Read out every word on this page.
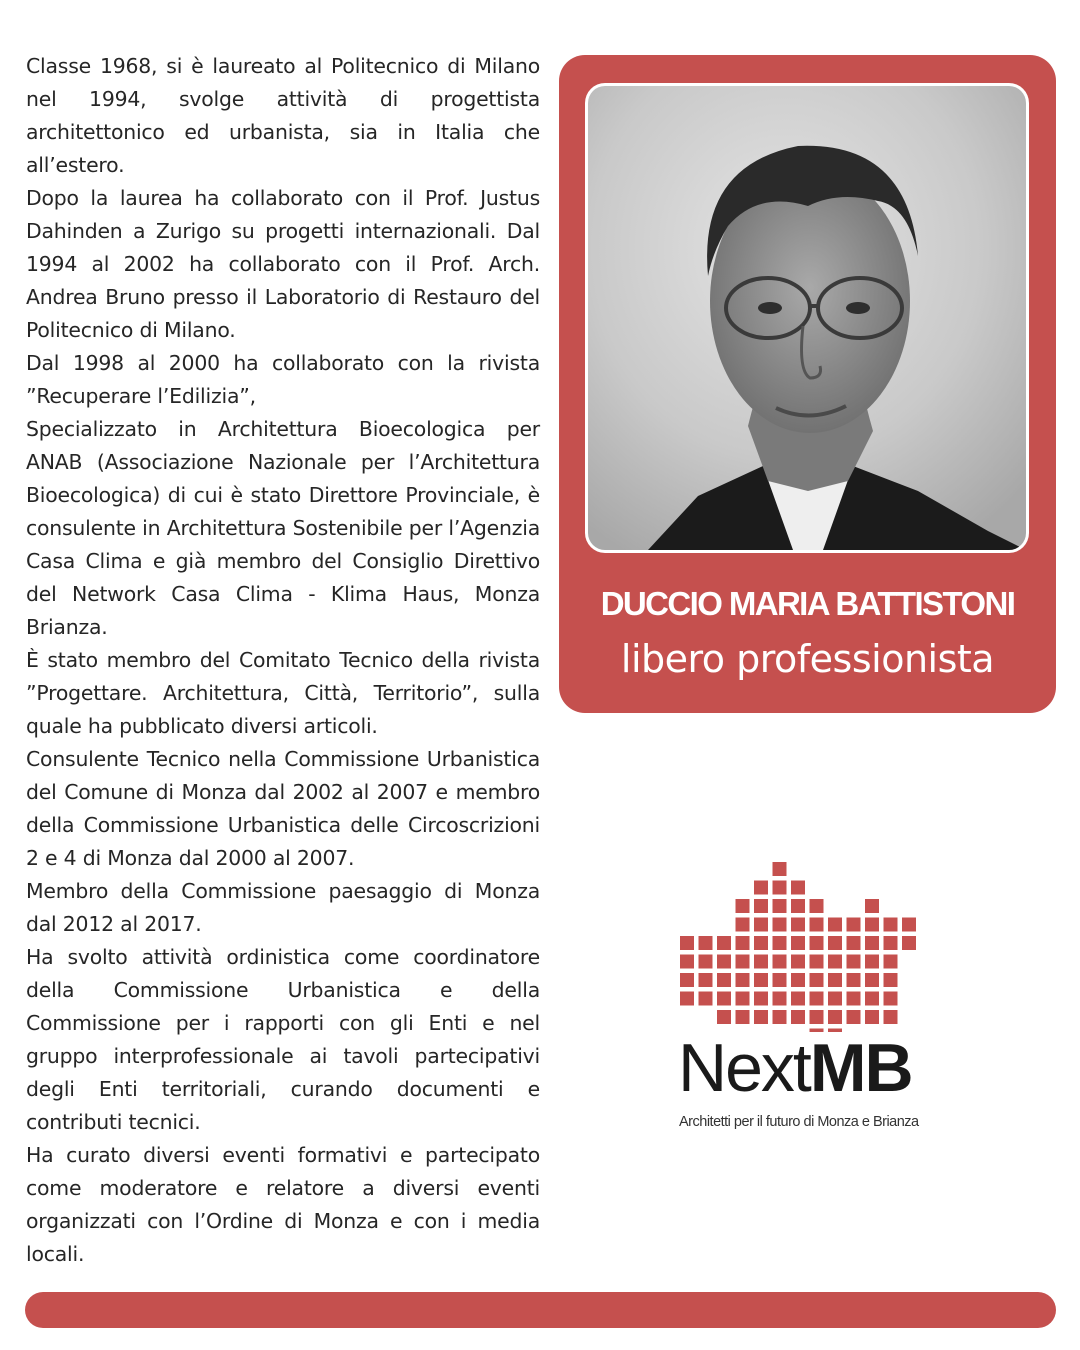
Classe 1968, si è laureato al Politecnico di Milano nel 1994, svolge attività di progettista architettonico ed urbanista, sia in Italia che all’estero.

Dopo la laurea ha collaborato con il Prof. Justus Dahinden a Zurigo su progetti internazionali. Dal 1994 al 2002 ha collaborato con il Prof. Arch. Andrea Bruno presso il Laboratorio di Restauro del Politecnico di Milano.

Dal 1998 al 2000 ha collaborato con la rivista ”Recuperare l’Edilizia”,

Specializzato in Architettura Bioecologica per ANAB (Associazione Nazionale per l’Architettura Bioecologica) di cui è stato Direttore Provinciale, è consulente in Architettura Sostenibile per l’Agenzia Casa Clima e già membro del Consiglio Direttivo del Network Casa Clima - Klima Haus, Monza Brianza.

È stato membro del Comitato Tecnico della rivista ”Progettare. Architettura, Città, Territorio”, sulla quale ha pubblicato diversi articoli.

Consulente Tecnico nella Commissione Urbanistica del Comune di Monza dal 2002 al 2007 e membro della Commissione Urbanistica delle Circoscrizioni 2 e 4 di Monza dal 2000 al 2007.

Membro della Commissione paesaggio di Monza dal 2012 al 2017.

Ha svolto attività ordinistica come coordinatore della Commissione Urbanistica e della Commissione per i rapporti con gli Enti e nel gruppo interprofessionale ai tavoli partecipativi degli Enti territoriali, curando documenti e contributi tecnici.

Ha curato diversi eventi formativi e partecipato come moderatore e relatore a diversi eventi organizzati con l’Ordine di Monza e con i media locali.

DUCCIO MARIA BATTISTONI
libero professionista
NextMB
Architetti per il futuro di Monza e Brianza
